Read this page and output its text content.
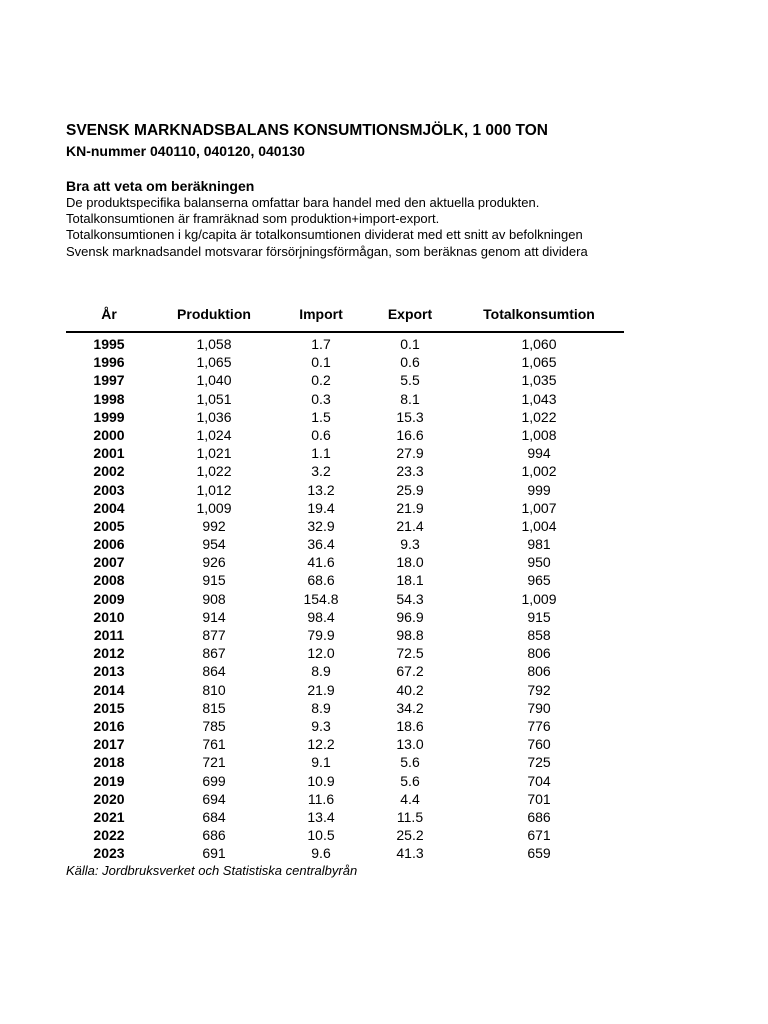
SVENSK MARKNADSBALANS KONSUMTIONSMJÖLK, 1 000 TON
KN-nummer 040110, 040120, 040130
Bra att veta om beräkningen
De produktspecifika balanserna omfattar bara handel med den aktuella produkten.
Totalkonsumtionen är framräknad som produktion+import-export.
Totalkonsumtionen i kg/capita är totalkonsumtionen dividerat med ett snitt av befolkningen
Svensk marknadsandel motsvarar försörjningsförmågan, som beräknas genom att dividera
År	Produktion	Import	Export	Totalkonsumtion
1995	1,058	1.7	0.1	1,060
1996	1,065	0.1	0.6	1,065
1997	1,040	0.2	5.5	1,035
1998	1,051	0.3	8.1	1,043
1999	1,036	1.5	15.3	1,022
2000	1,024	0.6	16.6	1,008
2001	1,021	1.1	27.9	994
2002	1,022	3.2	23.3	1,002
2003	1,012	13.2	25.9	999
2004	1,009	19.4	21.9	1,007
2005	992	32.9	21.4	1,004
2006	954	36.4	9.3	981
2007	926	41.6	18.0	950
2008	915	68.6	18.1	965
2009	908	154.8	54.3	1,009
2010	914	98.4	96.9	915
2011	877	79.9	98.8	858
2012	867	12.0	72.5	806
2013	864	8.9	67.2	806
2014	810	21.9	40.2	792
2015	815	8.9	34.2	790
2016	785	9.3	18.6	776
2017	761	12.2	13.0	760
2018	721	9.1	5.6	725
2019	699	10.9	5.6	704
2020	694	11.6	4.4	701
2021	684	13.4	11.5	686
2022	686	10.5	25.2	671
2023	691	9.6	41.3	659
Källa: Jordbruksverket och Statistiska centralbyrån
